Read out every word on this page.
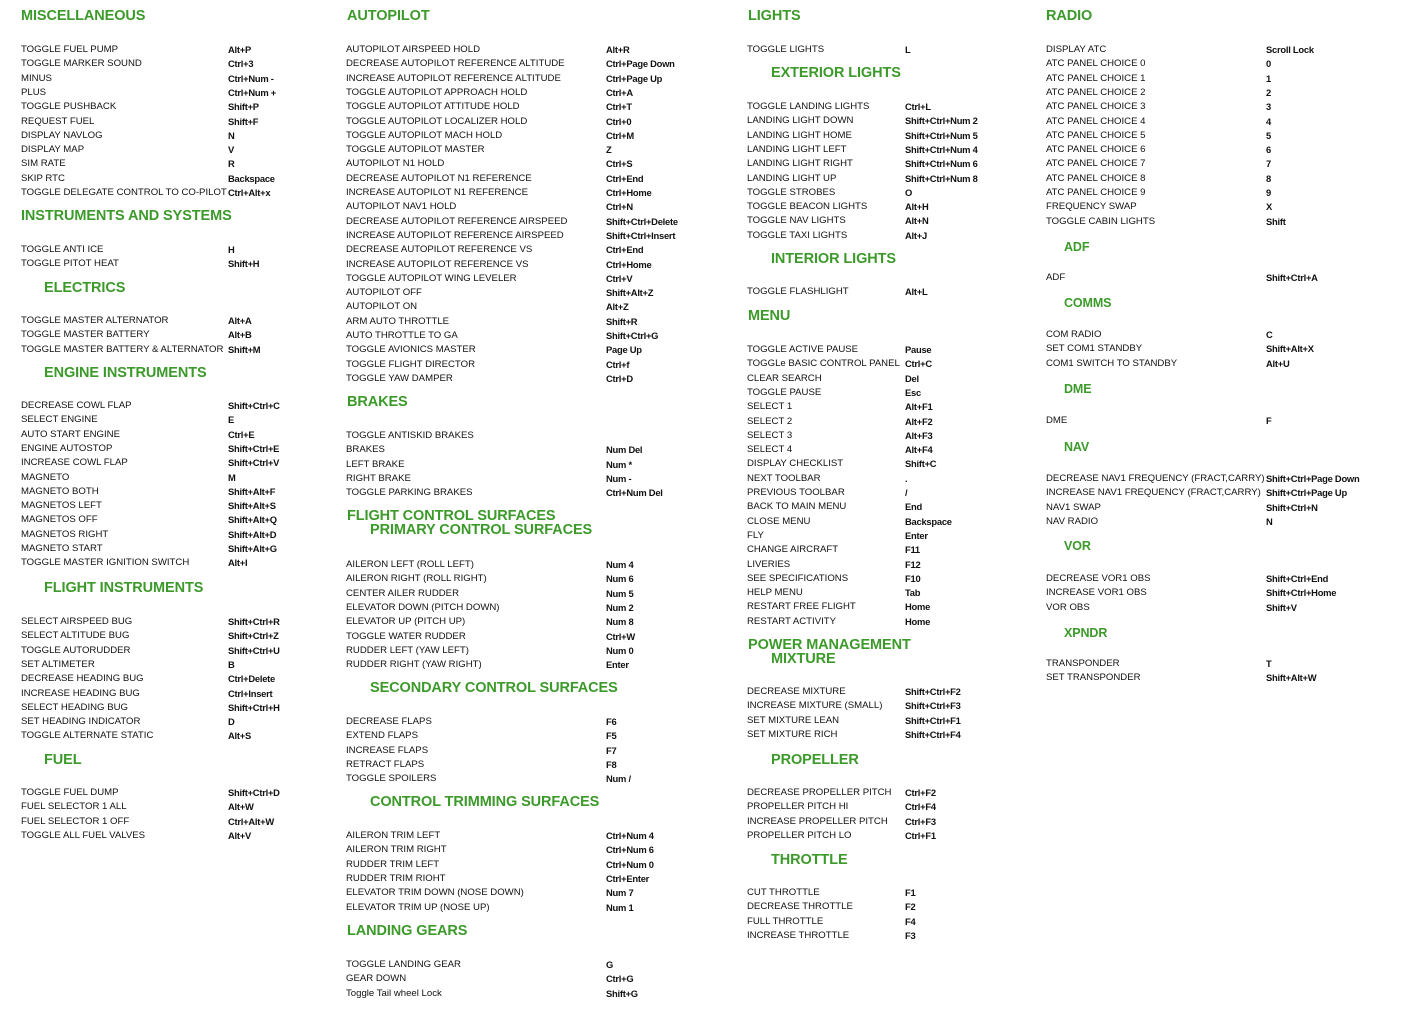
MISCELLANEOUS
TOGGLE FUEL PUMP	Alt+P
TOGGLE MARKER SOUND	Ctrl+3
MINUS	Ctrl+Num -
PLUS	Ctrl+Num +
TOGGLE PUSHBACK	Shift+P
REQUEST FUEL	Shift+F
DISPLAY NAVLOG	N
DISPLAY MAP	V
SIM RATE	R
SKIP RTC	Backspace
TOGGLE DELEGATE CONTROL TO CO-PILOT Ctrl+Alt+x
INSTRUMENTS AND SYSTEMS
TOGGLE ANTI ICE	H
TOGGLE PITOT HEAT	Shift+H
ELECTRICS
TOGGLE MASTER ALTERNATOR	Alt+A
TOGGLE MASTER BATTERY	Alt+B
TOGGLE MASTER BATTERY & ALTERNATOR Shift+M
ENGINE INSTRUMENTS
DECREASE COWL FLAP	Shift+Ctrl+C
SELECT ENGINE	E
AUTO START ENGINE	Ctrl+E
ENGINE AUTOSTOP	Shift+Ctrl+E
INCREASE COWL FLAP	Shift+Ctrl+V
MAGNETO	M
MAGNETO BOTH	Shift+Alt+F
MAGNETOS LEFT	Shift+Alt+S
MAGNETOS OFF	Shift+Alt+Q
MAGNETOS RIGHT	Shift+Alt+D
MAGNETO START	Shift+Alt+G
TOGGLE MASTER IGNITION SWITCH	Alt+I
FLIGHT INSTRUMENTS
SELECT AIRSPEED BUG	Shift+Ctrl+R
SELECT ALTITUDE BUG	Shift+Ctrl+Z
TOGGLE AUTORUDDER	Shift+Ctrl+U
SET ALTIMETER	B
DECREASE HEADING BUG	Ctrl+Delete
INCREASE HEADING BUG	Ctrl+Insert
SELECT HEADING BUG	Shift+Ctrl+H
SET HEADING INDICATOR	D
TOGGLE ALTERNATE STATIC	Alt+S
FUEL
TOGGLE FUEL DUMP	Shift+Ctrl+D
FUEL SELECTOR 1 ALL	Alt+W
FUEL SELECTOR 1 OFF	Ctrl+Alt+W
TOGGLE ALL FUEL VALVES	Alt+V
AUTOPILOT
AUTOPILOT AIRSPEED HOLD	Alt+R
DECREASE AUTOPILOT REFERENCE ALTITUDE	Ctrl+Page Down
INCREASE AUTOPILOT REFERENCE ALTITUDE	Ctrl+Page Up
TOGGLE AUTOPILOT APPROACH HOLD	Ctrl+A
TOGGLE AUTOPILOT ATTITUDE HOLD	Ctrl+T
TOGGLE AUTOPILOT LOCALIZER HOLD	Ctrl+0
TOGGLE AUTOPILOT MACH HOLD	Ctrl+M
TOGGLE AUTOPILOT MASTER	Z
AUTOPILOT N1 HOLD	Ctrl+S
DECREASE AUTOPILOT N1 REFERENCE	Ctrl+End
INCREASE AUTOPILOT N1 REFERENCE	Ctrl+Home
AUTOPILOT NAV1 HOLD	Ctrl+N
DECREASE AUTOPILOT REFERENCE AIRSPEED	Shift+Ctrl+Delete
INCREASE AUTOPILOT REFERENCE AIRSPEED	Shift+Ctrl+Insert
DECREASE AUTOPILOT REFERENCE VS	Ctrl+End
INCREASE AUTOPILOT REFERENCE VS	Ctrl+Home
TOGGLE AUTOPILOT WING LEVELER	Ctrl+V
AUTOPILOT OFF	Shift+Alt+Z
AUTOPILOT ON	Alt+Z
ARM AUTO THROTTLE	Shift+R
AUTO THROTTLE TO GA	Shift+Ctrl+G
TOGGLE AVIONICS MASTER	Page Up
TOGGLE FLIGHT DIRECTOR	Ctrl+f
TOGGLE YAW DAMPER	Ctrl+D
BRAKES
TOGGLE ANTISKID BRAKES
BRAKES	Num Del
LEFT BRAKE	Num *
RIGHT BRAKE	Num -
TOGGLE PARKING BRAKES	Ctrl+Num Del
FLIGHT CONTROL SURFACES
PRIMARY CONTROL SURFACES
AILERON LEFT (ROLL LEFT)	Num 4
AILERON RIGHT (ROLL RIGHT)	Num 6
CENTER AILER RUDDER	Num 5
ELEVATOR DOWN (PITCH DOWN)	Num 2
ELEVATOR UP (PITCH UP)	Num 8
TOGGLE WATER RUDDER	Ctrl+W
RUDDER LEFT (YAW LEFT)	Num 0
RUDDER RIGHT (YAW RIGHT)	Enter
SECONDARY CONTROL SURFACES
DECREASE FLAPS	F6
EXTEND FLAPS	F5
INCREASE FLAPS	F7
RETRACT FLAPS	F8
TOGGLE SPOILERS	Num /
CONTROL TRIMMING SURFACES
AILERON TRIM LEFT	Ctrl+Num 4
AILERON TRIM RIGHT	Ctrl+Num 6
RUDDER TRIM LEFT	Ctrl+Num 0
RUDDER TRIM RIOHT	Ctrl+Enter
ELEVATOR TRIM DOWN (NOSE DOWN)	Num 7
ELEVATOR TRIM UP (NOSE UP)	Num 1
LANDING GEARS
TOGGLE LANDING GEAR	G
GEAR DOWN	Ctrl+G
Toggle Tail wheel Lock	Shift+G
LIGHTS
TOGGLE LIGHTS	L
EXTERIOR LIGHTS
TOGGLE LANDING LIGHTS	Ctrl+L
LANDING LIGHT DOWN	Shift+Ctrl+Num 2
LANDING LIGHT HOME	Shift+Ctrl+Num 5
LANDING LIGHT LEFT	Shift+Ctrl+Num 4
LANDING LIGHT RIGHT	Shift+Ctrl+Num 6
LANDING LIGHT UP	Shift+Ctrl+Num 8
TOGGLE STROBES	O
TOGGLE BEACON LIGHTS	Alt+H
TOGGLE NAV LIGHTS	Alt+N
TOGGLE TAXI LIGHTS	Alt+J
INTERIOR LIGHTS
TOGGLE FLASHLIGHT	Alt+L
MENU
TOGGLE ACTIVE PAUSE	Pause
TOGGLe BASIC CONTROL PANEL Ctrl+C
CLEAR SEARCH	Del
TOGGLE PAUSE	Esc
SELECT 1	Alt+F1
SELECT 2	Alt+F2
SELECT 3	Alt+F3
SELECT 4	Alt+F4
DISPLAY CHECKLIST	Shift+C
NEXT TOOLBAR	.
PREVIOUS TOOLBAR	/
BACK TO MAIN MENU	End
CLOSE MENU	Backspace
FLY	Enter
CHANGE AIRCRAFT	F11
LIVERIES	F12
SEE SPECIFICATIONS	F10
HELP MENU	Tab
RESTART FREE FLIGHT	Home
RESTART ACTIVITY	Home
POWER MANAGEMENT
MIXTURE
DECREASE MIXTURE	Shift+Ctrl+F2
INCREASE MIXTURE (SMALL) Shift+Ctrl+F3
SET MIXTURE LEAN	Shift+Ctrl+F1
SET MIXTURE RICH	Shift+Ctrl+F4
PROPELLER
DECREASE PROPELLER PITCH Ctrl+F2
PROPELLER PITCH HI	Ctrl+F4
INCREASE PROPELLER PITCH Ctrl+F3
PROPELLER PITCH LO	Ctrl+F1
THROTTLE
CUT THROTTLE	F1
DECREASE THROTTLE	F2
FULL THROTTLE	F4
INCREASE THROTTLE	F3
RADIO
DISPLAY ATC	Scroll Lock
ATC PANEL CHOICE 0	0
ATC PANEL CHOICE 1	1
ATC PANEL CHOICE 2	2
ATC PANEL CHOICE 3	3
ATC PANEL CHOICE 4	4
ATC PANEL CHOICE 5	5
ATC PANEL CHOICE 6	6
ATC PANEL CHOICE 7	7
ATC PANEL CHOICE 8	8
ATC PANEL CHOICE 9	9
FREQUENCY SWAP	X
TOGGLE CABIN LIGHTS	Shift
ADF
ADF	Shift+Ctrl+A
COMMS
COM RADIO	C
SET COM1 STANDBY	Shift+Alt+X
COM1 SWITCH TO STANDBY	Alt+U
DME
DME	F
NAV
DECREASE NAV1 FREQUENCY (FRACT,CARRY) Shift+Ctrl+Page Down
INCREASE NAV1 FREQUENCY (FRACT,CARRY) Shift+Ctrl+Page Up
NAV1 SWAP	Shift+Ctrl+N
NAV RADIO	N
VOR
DECREASE VOR1 OBS	Shift+Ctrl+End
INCREASE VOR1 OBS	Shift+Ctrl+Home
VOR OBS	Shift+V
XPNDR
TRANSPONDER	T
SET TRANSPONDER	Shift+Alt+W
